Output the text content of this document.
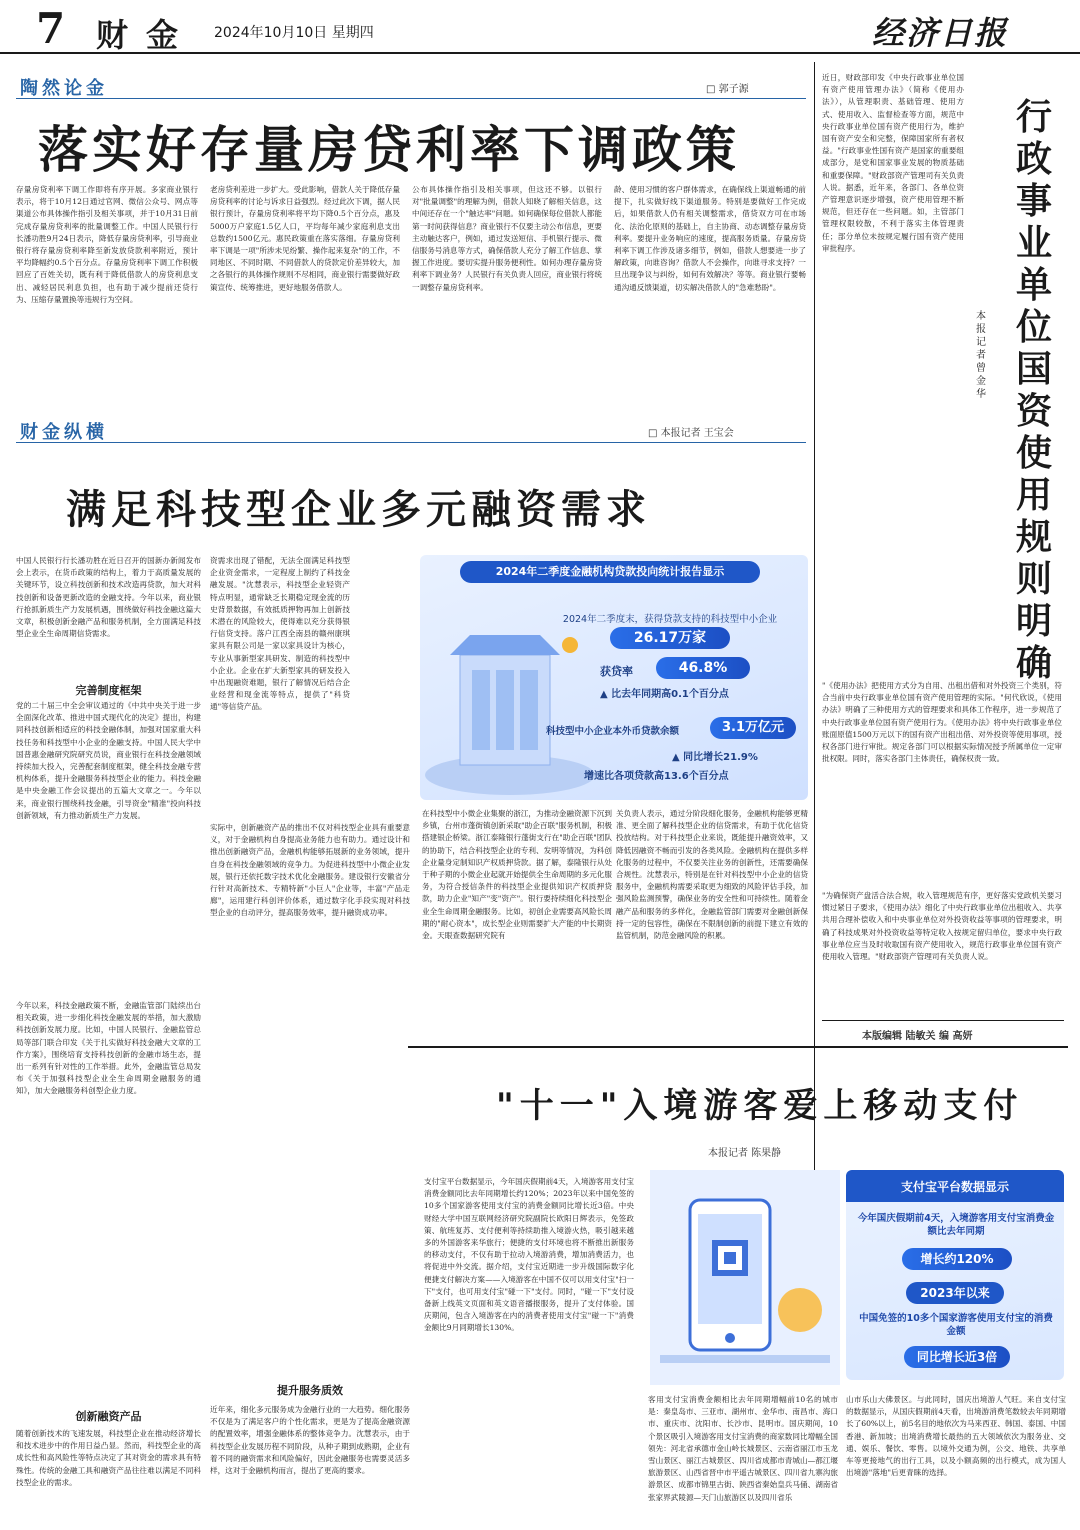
7 财金 2024年10月10日 星期四	经济日报
陶然论金	□ 郭子源
落实好存量房贷利率下调政策
存量房贷利率下调工作即将有序开展。多家商业银行表示，将于10月12日通过官网、微信公众号、网点等渠道公布具体操作指引及相关事项，并于10月31日前完成存量房贷利率的批量调整工作。中国人民银行行长潘功胜9月24日表示，降低存量房贷利率，引导商业银行将存量房贷利率降至新发放贷款利率附近，预计平均降幅约0.5个百分点。存量房贷利率下调工作积极回应了百姓关切，既有利于降低借款人的房贷利息支出、减轻居民利息负担，也有助于减少提前还贷行为、压缩存量置换等违规行为空间。
老房贷利差进一步扩大。受此影响，借款人关于降低存量房贷利率的讨论与诉求日益强烈。经过此次下调，据人民银行预计，存量房贷利率将平均下降0.5个百分点，惠及5000万户家庭1.5亿人口，平均每年减少家庭利息支出总数约1500亿元。惠民政策重在落实落细。存量房贷利率下调是一项"所涉未见纷繁、操作起来复杂"的工作，不同地区、不同时期、不同借款人的贷款定价差异较大，加之各银行的具体操作规则不尽相同，商业银行需要做好政策宣传、统筹推进，更好地服务借款人。
公布具体操作指引及相关事项，但这还不够。以银行对"批量调整"的理解为例，借款人知晓了解相关信息，这中间还存在一个"触达率"问题。如何确保每位借款人都能第一时间获得信息？商业银行不仅要主动公布信息，更要主动触达客户，例如，通过发送短信、手机银行提示、微信服务号消息等方式，确保借款人充分了解工作信息、掌握工作进度。要切实提升服务便利性。如何办理存量房贷利率下调业务？人民银行有关负责人回应，商业银行将统一调整存量房贷利率。
龄、使用习惯的客户群体需求，在确保线上渠道畅通的前提下，扎实做好线下渠道服务。特别是要做好工作完成后，如果借款人仍有相关调整需求，借贷双方可在市场化、法治化原则的基础上，自主协商、动态调整存量房贷利率。要提升业务响应的速度，提高服务质量。存量房贷利率下调工作涉及诸多细节，例如，借款人想要进一步了解政策，向谁咨询？借款人不会操作，向谁寻求支持？一旦出现争议与纠纷，如何有效解决？等等。商业银行要畅通沟通反馈渠道，切实解决借款人的"急难愁盼"。
财金纵横	□ 本报记者 王宝会
满足科技型企业多元融资需求
中国人民银行行长潘功胜在近日召开的国新办新闻发布会上表示，在货币政策的结构上，着力于高质量发展的关键环节，设立科技创新和技术改造再贷款，加大对科技创新和设备更新改造的金融支持。今年以来，商业银行抢抓新质生产力发展机遇，围绕做好科技金融这篇大文章，积极创新金融产品和服务机制，全方面满足科技型企业全生命周期信贷需求。
完善制度框架
党的二十届三中全会审议通过的《中共中央关于进一步全面深化改革、推进中国式现代化的决定》提出，构建同科技创新相适应的科技金融体制，加强对国家重大科技任务和科技型中小企业的金融支持。中国人民大学中国普惠金融研究院研究员说，商业银行在科技金融领域持续加大投入，完善配套制度框架，健全科技金融专营机构体系，提升金融服务科技型企业的能力。科技金融是中央金融工作会议提出的五篇大文章之一。今年以来，商业银行围绕科技金融，引导资金"精准"投向科技创新领域，有力推动新质生产力发展。
今年以来，科技金融政策不断，金融监管部门陆续出台相关政策，进一步细化科技金融发展的举措，加大激励科技创新发展力度。比如，中国人民银行、金融监管总局等部门联合印发《关于扎实做好科技金融大文章的工作方案》，围绕培育支持科技创新的金融市场生态，提出一系列有针对性的工作举措。此外，金融监管总局发布《关于加强科技型企业全生命周期金融服务的通知》，加大金融服务科创型企业力度。
创新融资产品
随着创新技术的飞速发展，科技型企业在推动经济增长和技术进步中的作用日益凸显。然而，科技型企业的高成长性和高风险性等特点决定了其对资金的需求具有特殊性。传统的金融工具和融资产品往往难以满足不同科技型企业的需求。
资需求出现了错配，无法全面满足科技型企业资金需求，一定程度上制约了科技金融发展。"沈慧表示，科技型企业轻资产特点明显，通常缺乏长期稳定现金流的历史背景数据，有效抵质押物再加上创新技术潜在的风险较大，使得难以充分获得银行信贷支持。落户江西全南县的赣州康琪家具有限公司是一家以家具设计为核心，专业从事新型家具研发、制造的科技型中小企业。企业在扩大新型家具的研发投入中出现融资难题，银行了解情况后结合企业经营和现金流等特点，提供了"科贷通"等信贷产品。
实际中，创新融资产品的推出不仅对科技型企业具有重要意义，对于金融机构自身提高业务能力也有助力。通过设计和推出创新融资产品，金融机构能够拓展新的业务领域，提升自身在科技金融领域的竞争力。为促进科技型中小微企业发展，银行还依托数字技术优化金融服务。建设银行安徽省分行针对高新技术、专精特新"小巨人"企业等，丰富"产品走廊"，运用建行科创评价体系，通过数字化手段实现对科技型企业的自动评分，提高服务效率，提升融资成功率。
提升服务质效
近年来，细化多元服务成为金融行业的一大趋势。细化服务不仅是为了满足客户的个性化需求，更是为了提高金融资源的配置效率，增强金融体系的整体竞争力。沈慧表示，由于科技型企业发展历程不同阶段，从种子期到成熟期，企业有着不同的融资需求和风险偏好，因此金融服务也需要灵活多样，这对于金融机构而言，提出了更高的要求。
在科技型中小微企业集聚的浙江，为推动金融资源下沉到乡镇，台州市蓬街镇创新采取"助企百联"服务机制，积极搭建银企桥梁。浙江泰隆银行蓬街支行在"助企百联"团队的协助下，结合科技型企业的专利、发明等情况，为科创企业量身定制知识产权质押贷款。据了解，泰隆银行从处于种子期的小微企业起就开始提供全生命周期的多元化服务，为符合授信条件的科技型企业提供知识产权质押贷款，助力企业"知产"变"资产"。银行要持续细化科技型企业全生命周期金融服务。比如，初创企业需要高风险长周期的"耐心资本"，成长型企业则需要扩大产能的中长期资金。天眼查数据研究院有
关负责人表示，通过分阶段细化服务，金融机构能够更精准、更全面了解科技型企业的信贷需求，有助于优化信贷投放结构。对于科技型企业来说，既能提升融资效率，又降低因融资不畅而引发的各类风险。金融机构在提供多样化服务的过程中，不仅要关注业务的创新性，还需要确保合规性。沈慧表示，特别是在针对科技型中小企业的信贷服务中，金融机构需要采取更为细致的风险评估手段，加强风险监测预警，确保业务的安全性和可持续性。随着金融产品和服务的多样化，金融监管部门需要对金融创新保持一定的包容性，确保在不限制创新的前提下建立有效的监管机制，防范金融风险的积累。
2024年二季度金融机构贷款投向统计报告显示
2024年二季度末，获得贷款支持的科技型中小企业
26.17万家
获贷率	46.8%
▲ 比去年同期高0.1个百分点
科技型中小企业本外币贷款余额	3.1万亿元
▲ 同比增长21.9%
增速比各项贷款高13.6个百分点
行政事业单位国资使用规则明确
本报记者 曾金华
近日，财政部印发《中央行政事业单位国有资产使用管理办法》（简称《使用办法》），从管理职责、基础管理、使用方式、使用收入、监督检查等方面，规范中央行政事业单位国有资产使用行为，维护国有资产安全和完整，保障国家所有者权益。"行政事业性国有资产是国家的重要组成部分，是党和国家事业发展的物质基础和重要保障。"财政部资产管理司有关负责人说。据悉，近年来，各部门、各单位资产管理意识逐步增强，资产使用管理不断规范，但还存在一些问题。如，主管部门管理权限较散，不利于落实主体管理责任；部分单位未按规定履行国有资产使用审批程序。
"《使用办法》把使用方式分为自用、出租出借和对外投资三个类别，符合当前中央行政事业单位国有资产使用管理的实际。"何代欣说，《使用办法》明确了三种使用方式的管理要求和具体工作程序，进一步规范了中央行政事业单位国有资产使用行为。《使用办法》将中央行政事业单位账面原值1500万元以下的国有资产出租出借、对外投资等使用事项，授权各部门进行审批。规定各部门可以根据实际情况授予所属单位一定审批权限。同时，落实各部门主体责任，确保权责一致。
"为确保资产盘活合法合规，收入管理规范有序，更好落实党政机关要习惯过紧日子要求，《使用办法》细化了中央行政事业单位出租收入、共享共用合理补偿收入和中央事业单位对外投资收益等事项的管理要求，明确了科技成果对外投资收益等特定收入按规定留归单位，要求中央行政事业单位应当及时收取国有资产使用收入，规范行政事业单位国有资产使用收入管理。"财政部资产管理司有关负责人说。
本版编辑 陆敏关 编 高妍
"十一"入境游客爱上移动支付
本报记者 陈果静
支付宝平台数据显示，今年国庆假期前4天，入境游客用支付宝消费金额同比去年同期增长约120%；2023年以来中国免签的10多个国家游客使用支付宝的消费金额同比增长近3倍。中央财经大学中国互联网经济研究院副院长欧阳日辉表示，免签政策、航班复苏、支付便利等持续助推入境游火热，吸引越来越多的外国游客来华旅行；便捷的支付环境也将不断推出新服务的移动支付，不仅有助于拉动入境游消费，增加消费活力，也将促进中外交流。据介绍，支付宝近期进一步升级国际数字化便捷支付解决方案——入境游客在中国不仅可以用支付宝"扫一下"支付，也可用支付宝"碰一下"支付。同时，"碰一下"支付设备新上线英文页面和英文语音播报服务，提升了支付体验。国庆期间，包含入境游客在内的消费者使用支付宝"碰一下"消费金额比9月同期增长130%。
客用支付宝消费金额相比去年同期增幅前10名的城市是：秦皇岛市、三亚市、湖州市、金华市、南昌市、海口市、重庆市、沈阳市、长沙市、昆明市。国庆期间，10个景区吸引入境游客用支付宝消费的商家数同比增幅全国领先：河北省承德市金山岭长城景区、云南省丽江市玉龙雪山景区、丽江古城景区、四川省成都市青城山—都江堰旅游景区、山西省晋中市平遥古城景区、四川省九寨沟旅游景区、成都市锦里古街、陕西省秦始皇兵马俑、湖南省张家界武陵源—天门山旅游区以及四川省乐
山市乐山大佛景区。与此同时，国庆出境游人气旺。来自支付宝的数据显示，从国庆假期前4天看，出境游消费笔数较去年同期增长了60%以上，前5名目的地依次为马来西亚、韩国、泰国、中国香港、新加坡；出境消费增长最热的五大领域依次为服务业、交通、娱乐、餐饮、零售。以境外交通为例，公交、地铁、共享单车等更接地气的出行工具，以及小额高频的出行模式，成为国人出境游"落地"后更青睐的选择。
支付宝平台数据显示
今年国庆假期前4天，入境游客用支付宝消费金额比去年同期
增长约120%
2023年以来
中国免签的10多个国家游客使用支付宝的消费金额
同比增长近3倍
